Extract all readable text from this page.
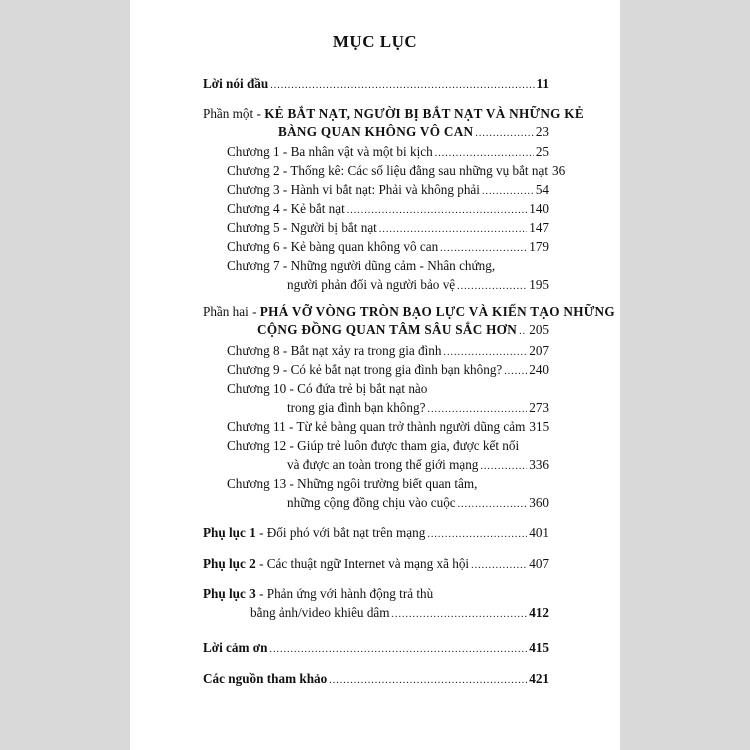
MỤC LỤC
Lời nói đầu .....	11
Phần một - KẺ BẮT NẠT, NGƯỜI BỊ BẮT NẠT VÀ NHỮNG KẺ
BÀNG QUAN KHÔNG VÔ CAN .....	23
Chương 1 - Ba nhân vật và một bi kịch .....	25
Chương 2 - Thống kê: Các số liệu đằng sau những vụ bắt nạt 36
Chương 3 - Hành vi bắt nạt: Phải và không phải .....	54
Chương 4 - Kẻ bắt nạt .....	140
Chương 5 - Người bị bắt nạt .....	147
Chương 6 - Kẻ bàng quan không vô can .....	179
Chương 7 - Những người dũng cảm - Nhân chứng,
người phản đối và người bảo vệ .....	195
Phần hai - PHÁ VỠ VÒNG TRÒN BẠO LỰC VÀ KIẾN TẠO NHỮNG
CỘNG ĐỒNG QUAN TÂM SÂU SẮC HƠN ..... 205
Chương 8 - Bắt nạt xảy ra trong gia đình .....	207
Chương 9 - Có kẻ bắt nạt trong gia đình bạn không? ..... 240
Chương 10 - Có đứa trẻ bị bắt nạt nào
trong gia đình bạn không? .....	273
Chương 11 - Từ kẻ bàng quan trở thành người dũng cảm 315
Chương 12 - Giúp trẻ luôn được tham gia, được kết nối
và được an toàn trong thế giới mạng .....	336
Chương 13 - Những ngôi trường biết quan tâm,
những cộng đồng chịu vào cuộc .....	360
Phụ lục 1 - Đối phó với bắt nạt trên mạng .....	401
Phụ lục 2 - Các thuật ngữ Internet và mạng xã hội .....	407
Phụ lục 3 - Phản ứng với hành động trả thù
bằng ảnh/video khiêu dâm .....	412
Lời cảm ơn .....	415
Các nguồn tham khảo .....	421
